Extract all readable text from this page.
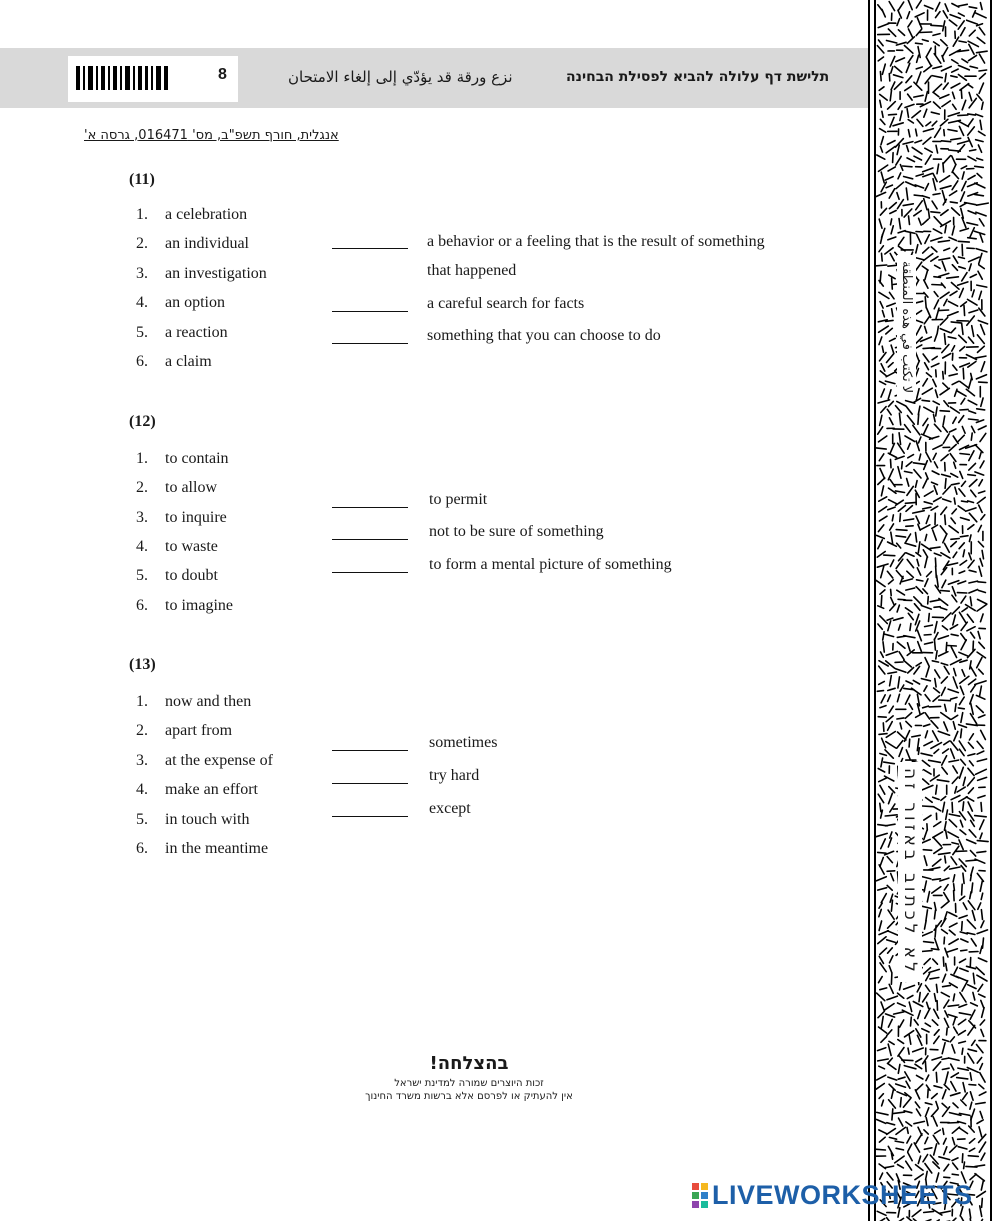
8	نزع ورقة قد يؤدّي إلى إلغاء الامتحان	תלישת דף עלולה להביא לפסילת הבחינה
אנגלית, חורף תשפ"ב, מס' 016471, גרסה א'
(11)
1. a celebration
2. an individual
3. an investigation
4. an option
5. a reaction
6. a claim
a behavior or a feeling that is the result of something
that happened
a careful search for facts
something that you can choose to do
(12)
1. to contain
2. to allow
3. to inquire
4. to waste
5. to doubt
6. to imagine
to permit
not to be sure of something
to form a mental picture of something
(13)
1. now and then
2. apart from
3. at the expense of
4. make an effort
5. in touch with
6. in the meantime
sometimes
try hard
except
בהצלחה!
זכות היוצרים שמורה למדינת ישראל
אין להעתיק או לפרסם אלא ברשות משרד החינוך
لا تكتب في هذه المنطقة
לא לכתוב באזור זה
LIVEWORKSHEETS
